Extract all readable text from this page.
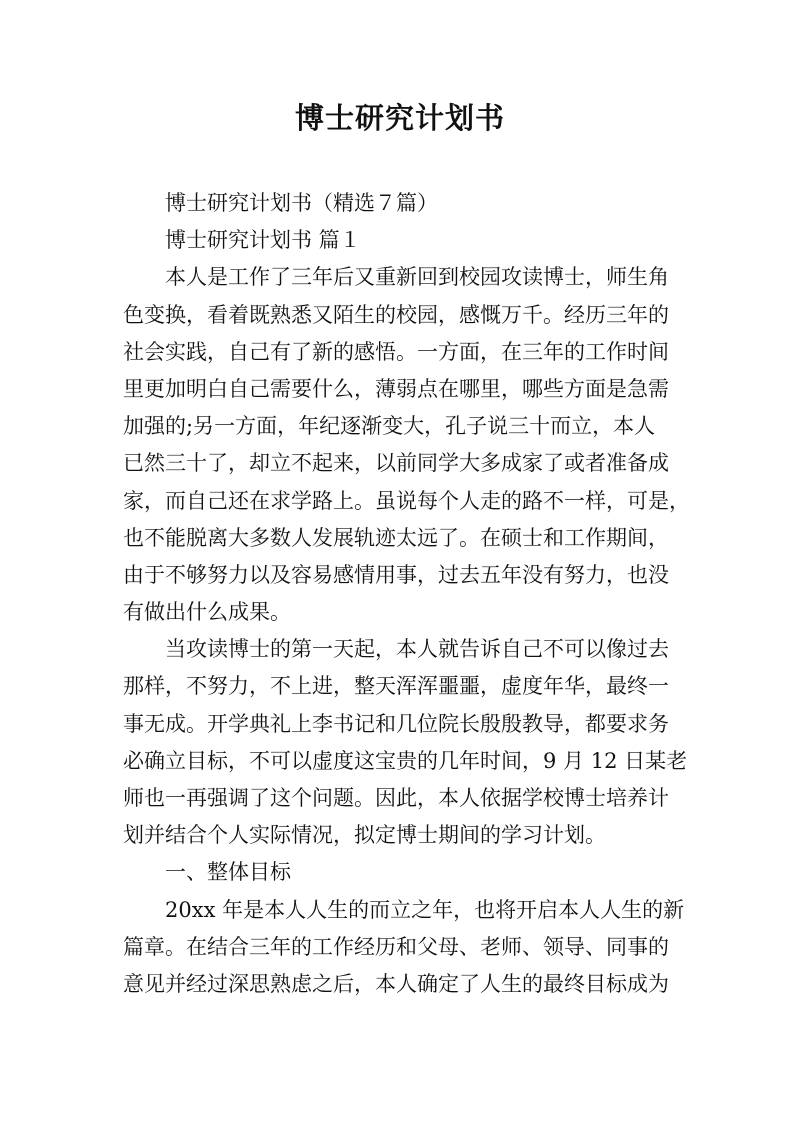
博士研究计划书
博士研究计划书（精选７篇）
博士研究计划书 篇１
本人是工作了三年后又重新回到校园攻读博士，师生角
色变换，看着既熟悉又陌生的校园，感慨万千。经历三年的
社会实践，自己有了新的感悟。一方面，在三年的工作时间
里更加明白自己需要什么，薄弱点在哪里，哪些方面是急需
加强的;另一方面，年纪逐渐变大，孔子说三十而立，本人
已然三十了，却立不起来，以前同学大多成家了或者准备成
家，而自己还在求学路上。虽说每个人走的路不一样，可是，
也不能脱离大多数人发展轨迹太远了。在硕士和工作期间，
由于不够努力以及容易感情用事，过去五年没有努力，也没
有做出什么成果。
当攻读博士的第一天起，本人就告诉自己不可以像过去
那样，不努力，不上进，整天浑浑噩噩，虚度年华，最终一
事无成。开学典礼上李书记和几位院长殷殷教导，都要求务
必确立目标，不可以虚度这宝贵的几年时间，9 月 12 日某老
师也一再强调了这个问题。因此，本人依据学校博士培养计
划并结合个人实际情况，拟定博士期间的学习计划。
一、整体目标
20xx 年是本人人生的而立之年，也将开启本人人生的新
篇章。在结合三年的工作经历和父母、老师、领导、同事的
意见并经过深思熟虑之后，本人确定了人生的最终目标成为
